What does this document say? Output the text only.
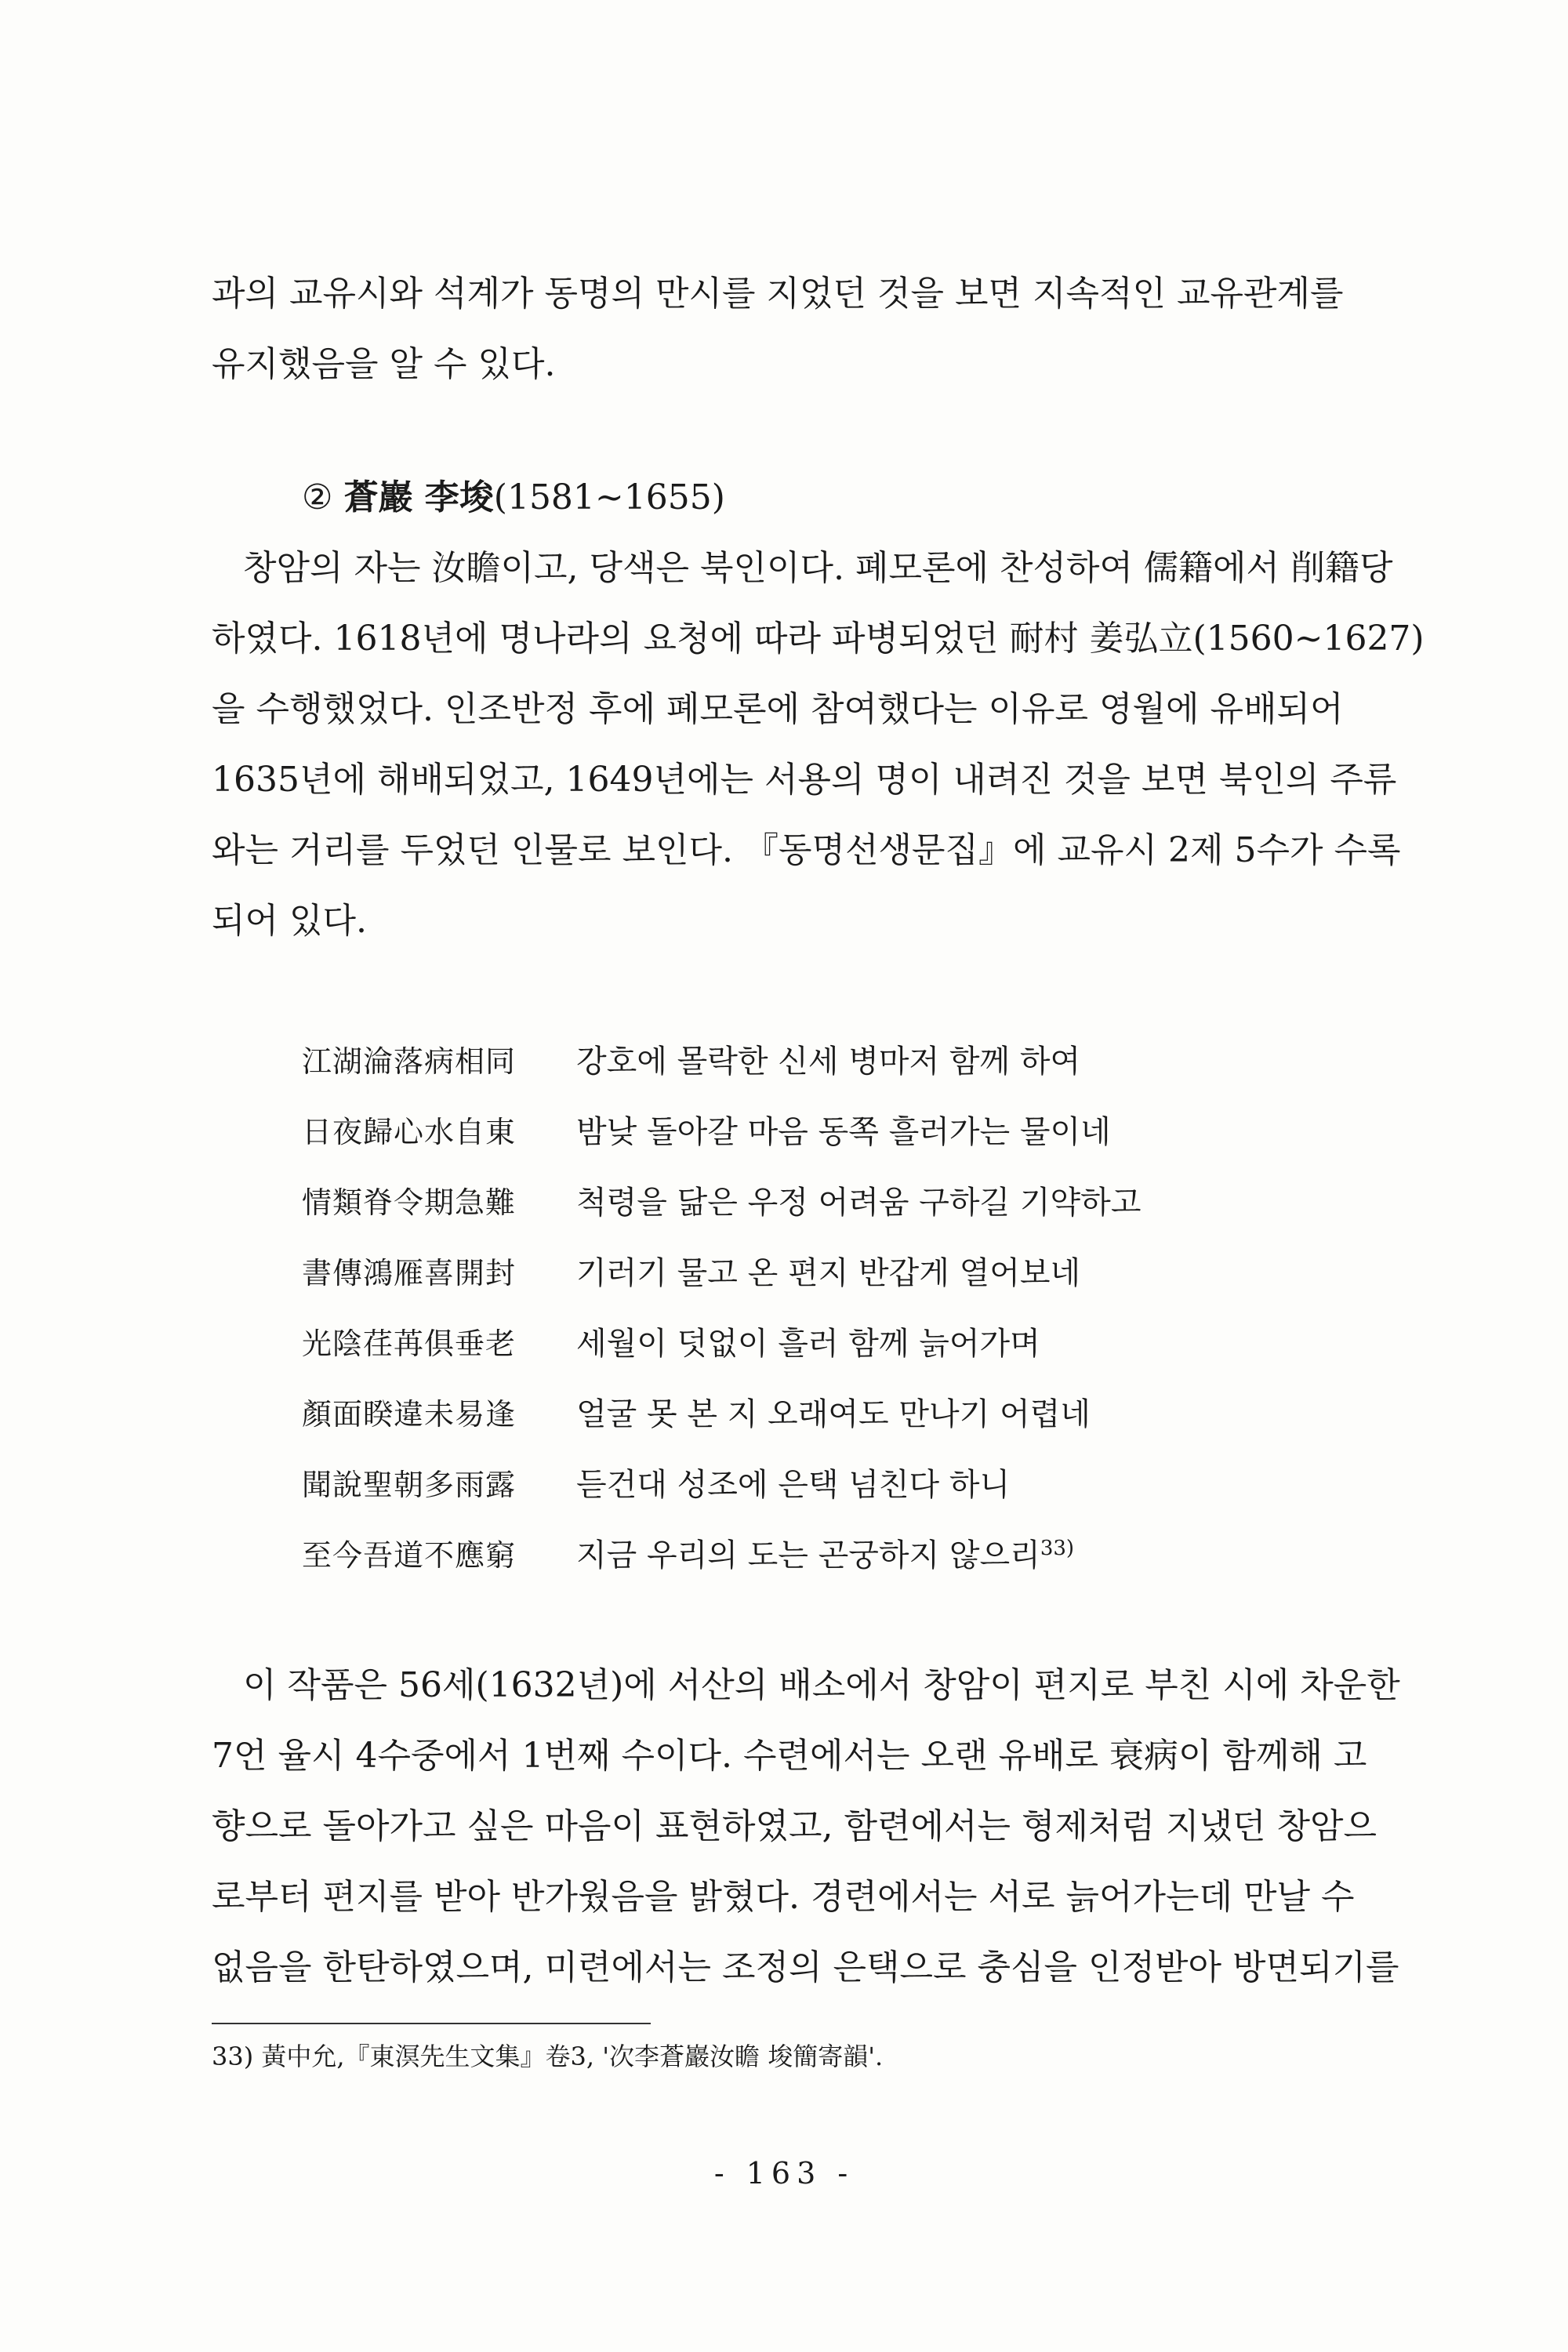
과의 교유시와 석계가 동명의 만시를 지었던 것을 보면 지속적인 교유관계를

유지했음을 알 수 있다.

② 蒼巖 李埈(1581∼1655)

창암의 자는 汝瞻이고, 당색은 북인이다. 폐모론에 찬성하여 儒籍에서 削籍당

하였다. 1618년에 명나라의 요청에 따라 파병되었던 耐村 姜弘立(1560∼1627)

을 수행했었다. 인조반정 후에 폐모론에 참여했다는 이유로 영월에 유배되어

1635년에 해배되었고, 1649년에는 서용의 명이 내려진 것을 보면 북인의 주류

와는 거리를 두었던 인물로 보인다. 『동명선생문집』에 교유시 2제 5수가 수록

되어 있다.

江湖淪落病相同	강호에 몰락한 신세 병마저 함께 하여
日夜歸心水自東	밤낮 돌아갈 마음 동쪽 흘러가는 물이네
情類脊令期急難	척령을 닮은 우정 어려움 구하길 기약하고
書傳鴻雁喜開封	기러기 물고 온 편지 반갑게 열어보네
光陰荏苒俱垂老	세월이 덧없이 흘러 함께 늙어가며
顏面睽違未易逢	얼굴 못 본 지 오래여도 만나기 어렵네
聞說聖朝多雨露	듣건대 성조에 은택 넘친다 하니
至今吾道不應窮	지금 우리의 도는 곤궁하지 않으리$^{33)}$

이 작품은 56세(1632년)에 서산의 배소에서 창암이 편지로 부친 시에 차운한

7언 율시 4수중에서 1번째 수이다. 수련에서는 오랜 유배로 衰病이 함께해 고

향으로 돌아가고 싶은 마음이 표현하였고, 함련에서는 형제처럼 지냈던 창암으

로부터 편지를 받아 반가웠음을 밝혔다. 경련에서는 서로 늙어가는데 만날 수

없음을 한탄하였으며, 미련에서는 조정의 은택으로 충심을 인정받아 방면되기를

33) 黃中允,『東溟先生文集』卷3, '次李蒼巖汝瞻 埈簡寄韻'.
- 163 -
